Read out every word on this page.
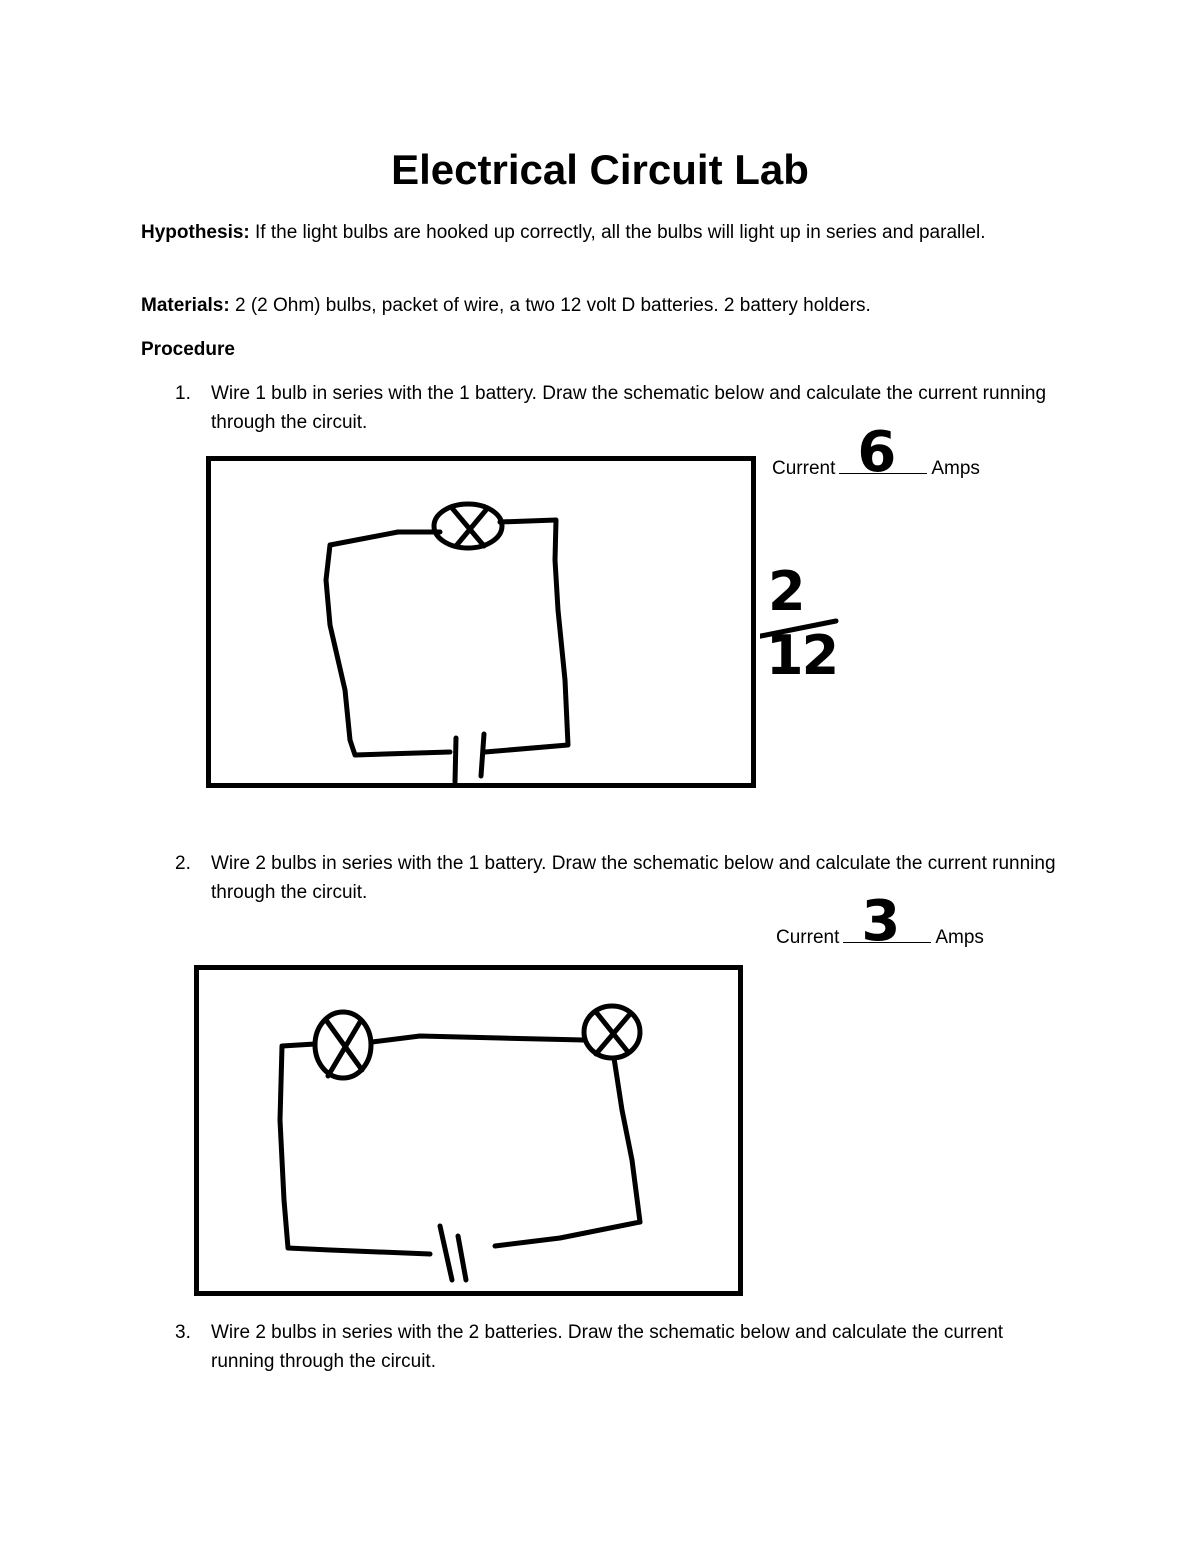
Electrical Circuit Lab

Hypothesis: If the light bulbs are hooked up correctly, all the bulbs will light up in series and parallel.

Materials: 2 (2 Ohm) bulbs, packet of wire, a two 12 volt D batteries. 2 battery holders.

Procedure

1. Wire 1 bulb in series with the 1 battery. Draw the schematic below and calculate the current running through the circuit.
Current 6 Amps
2
12
2. Wire 2 bulbs in series with the 1 battery. Draw the schematic below and calculate the current running through the circuit.
Current 3 Amps
3. Wire 2 bulbs in series with the 2 batteries. Draw the schematic below and calculate the current running through the circuit.
